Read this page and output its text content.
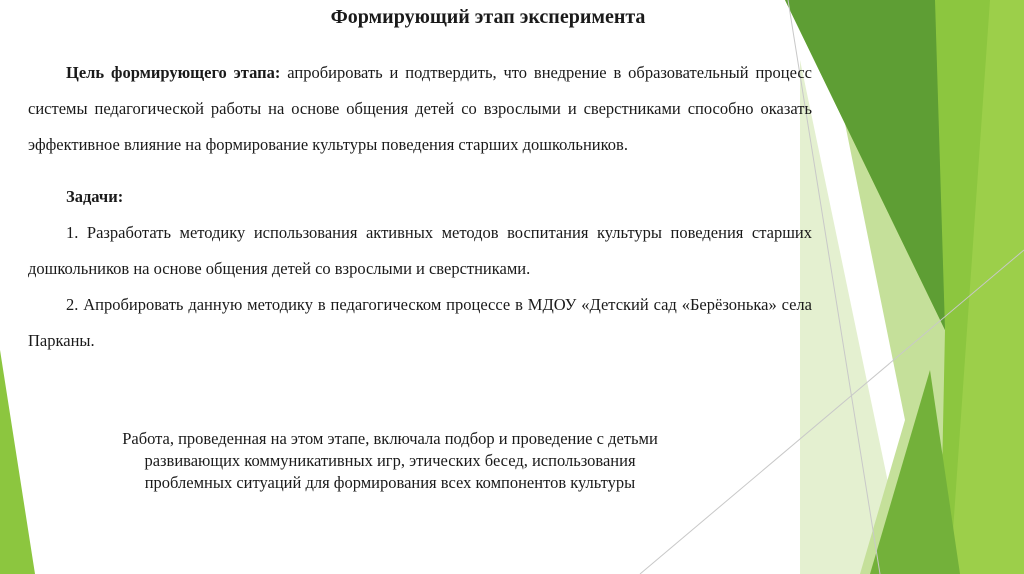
Формирующий этап эксперимента

Цель формирующего этапа: апробировать и подтвердить, что внедрение в образовательный процесс системы педагогической работы на основе общения детей со взрослыми и сверстниками способно оказать эффективное влияние на формирование культуры поведения старших дошкольников.

Задачи:

1. Разработать методику использования активных методов воспитания культуры поведения старших дошкольников на основе общения детей со взрослыми и сверстниками.

2. Апробировать данную методику в педагогическом процессе в МДОУ «Детский сад «Берёзонька» села Парканы.

Работа, проведенная на этом этапе, включала подбор и проведение с детьми

развивающих коммуникативных игр, этических бесед, использования

проблемных ситуаций для формирования всех компонентов культуры
